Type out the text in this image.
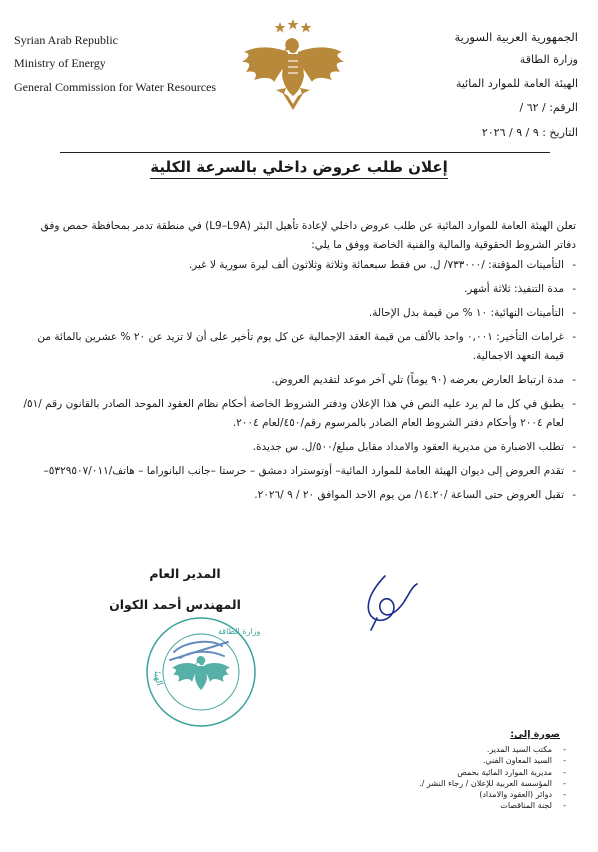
Syrian Arab Republic
Ministry of Energy
General Commission for Water Resources
الجمهورية العربية السورية
وزارة الطاقة
الهيئة العامة للموارد المائية
الرقم: / ٦٢ /
التاريخ : ٩ / ٩ / ٢٠٢٦
إعلان طلب عروض داخلي بالسرعة الكلية
تعلن الهيئة العامة للموارد المائية عن طلب عروض داخلي لإعادة تأهيل البئر (L9–L9A) في منطقة تدمر بمحافظة حمص وفق دفاتر الشروط الحقوقية والمالية والفنية الخاصة ووفق ما يلي:
- التأمينات المؤقتة: /٧٣٣٠٠٠/ ل. س فقط سبعمائة وثلاثة وثلاثون ألف ليرة سورية لا غير.
- مدة التنفيذ: ثلاثة أشهر.
- التأمينات النهائية: ١٠ % من قيمة بدل الإحالة.
- غرامات التأخير: ٠,٠٠١ واحد بالألف من قيمة العقد الإجمالية عن كل يوم تأخير على أن لا تزيد عن ٢٠ % عشرين بالمائة من قيمة التعهد الاجمالية.
- مدة ارتباط العارض بعرضه (٩٠ يوماً) تلي آخر موعد لتقديم العروض.
- يطبق في كل ما لم يرد عليه النص في هذا الإعلان ودفتر الشروط الخاصة أحكام نظام العقود الموحد الصادر بالقانون رقم /٥١/ لعام ٢٠٠٤ وأحكام دفتر الشروط العام الصادر بالمرسوم رقم/٤٥٠/لعام ٢٠٠٤.
- تطلب الاضبارة من مديرية العقود والامداد مقابل مبلغ/٥٠٠/ل. س جديدة.
- تقدم العروض إلى ديوان الهيئة العامة للموارد المائية– أوتوستراد دمشق – حرستا –جانب البانوراما – هاتف/٥٣٢٩٥٠٧/٠١١–
- تقبل العروض حتى الساعة /١٤.٢٠/ من يوم الاحد الموافق ٢٠ / ٩ /٢٠٢٦.
المدير العام
المهندس أحمد الكوان
الهيئ
وزارة الطاقة
صورة إلى:
- مكتب السيد المدير.
- السيد المعاون الفني.
- مديرية الموارد المائية بحمص
- المؤسسة العربية للإعلان / رجاء النشر /.
- دوائر (العقود والامداد)
- لجنة المناقصات
